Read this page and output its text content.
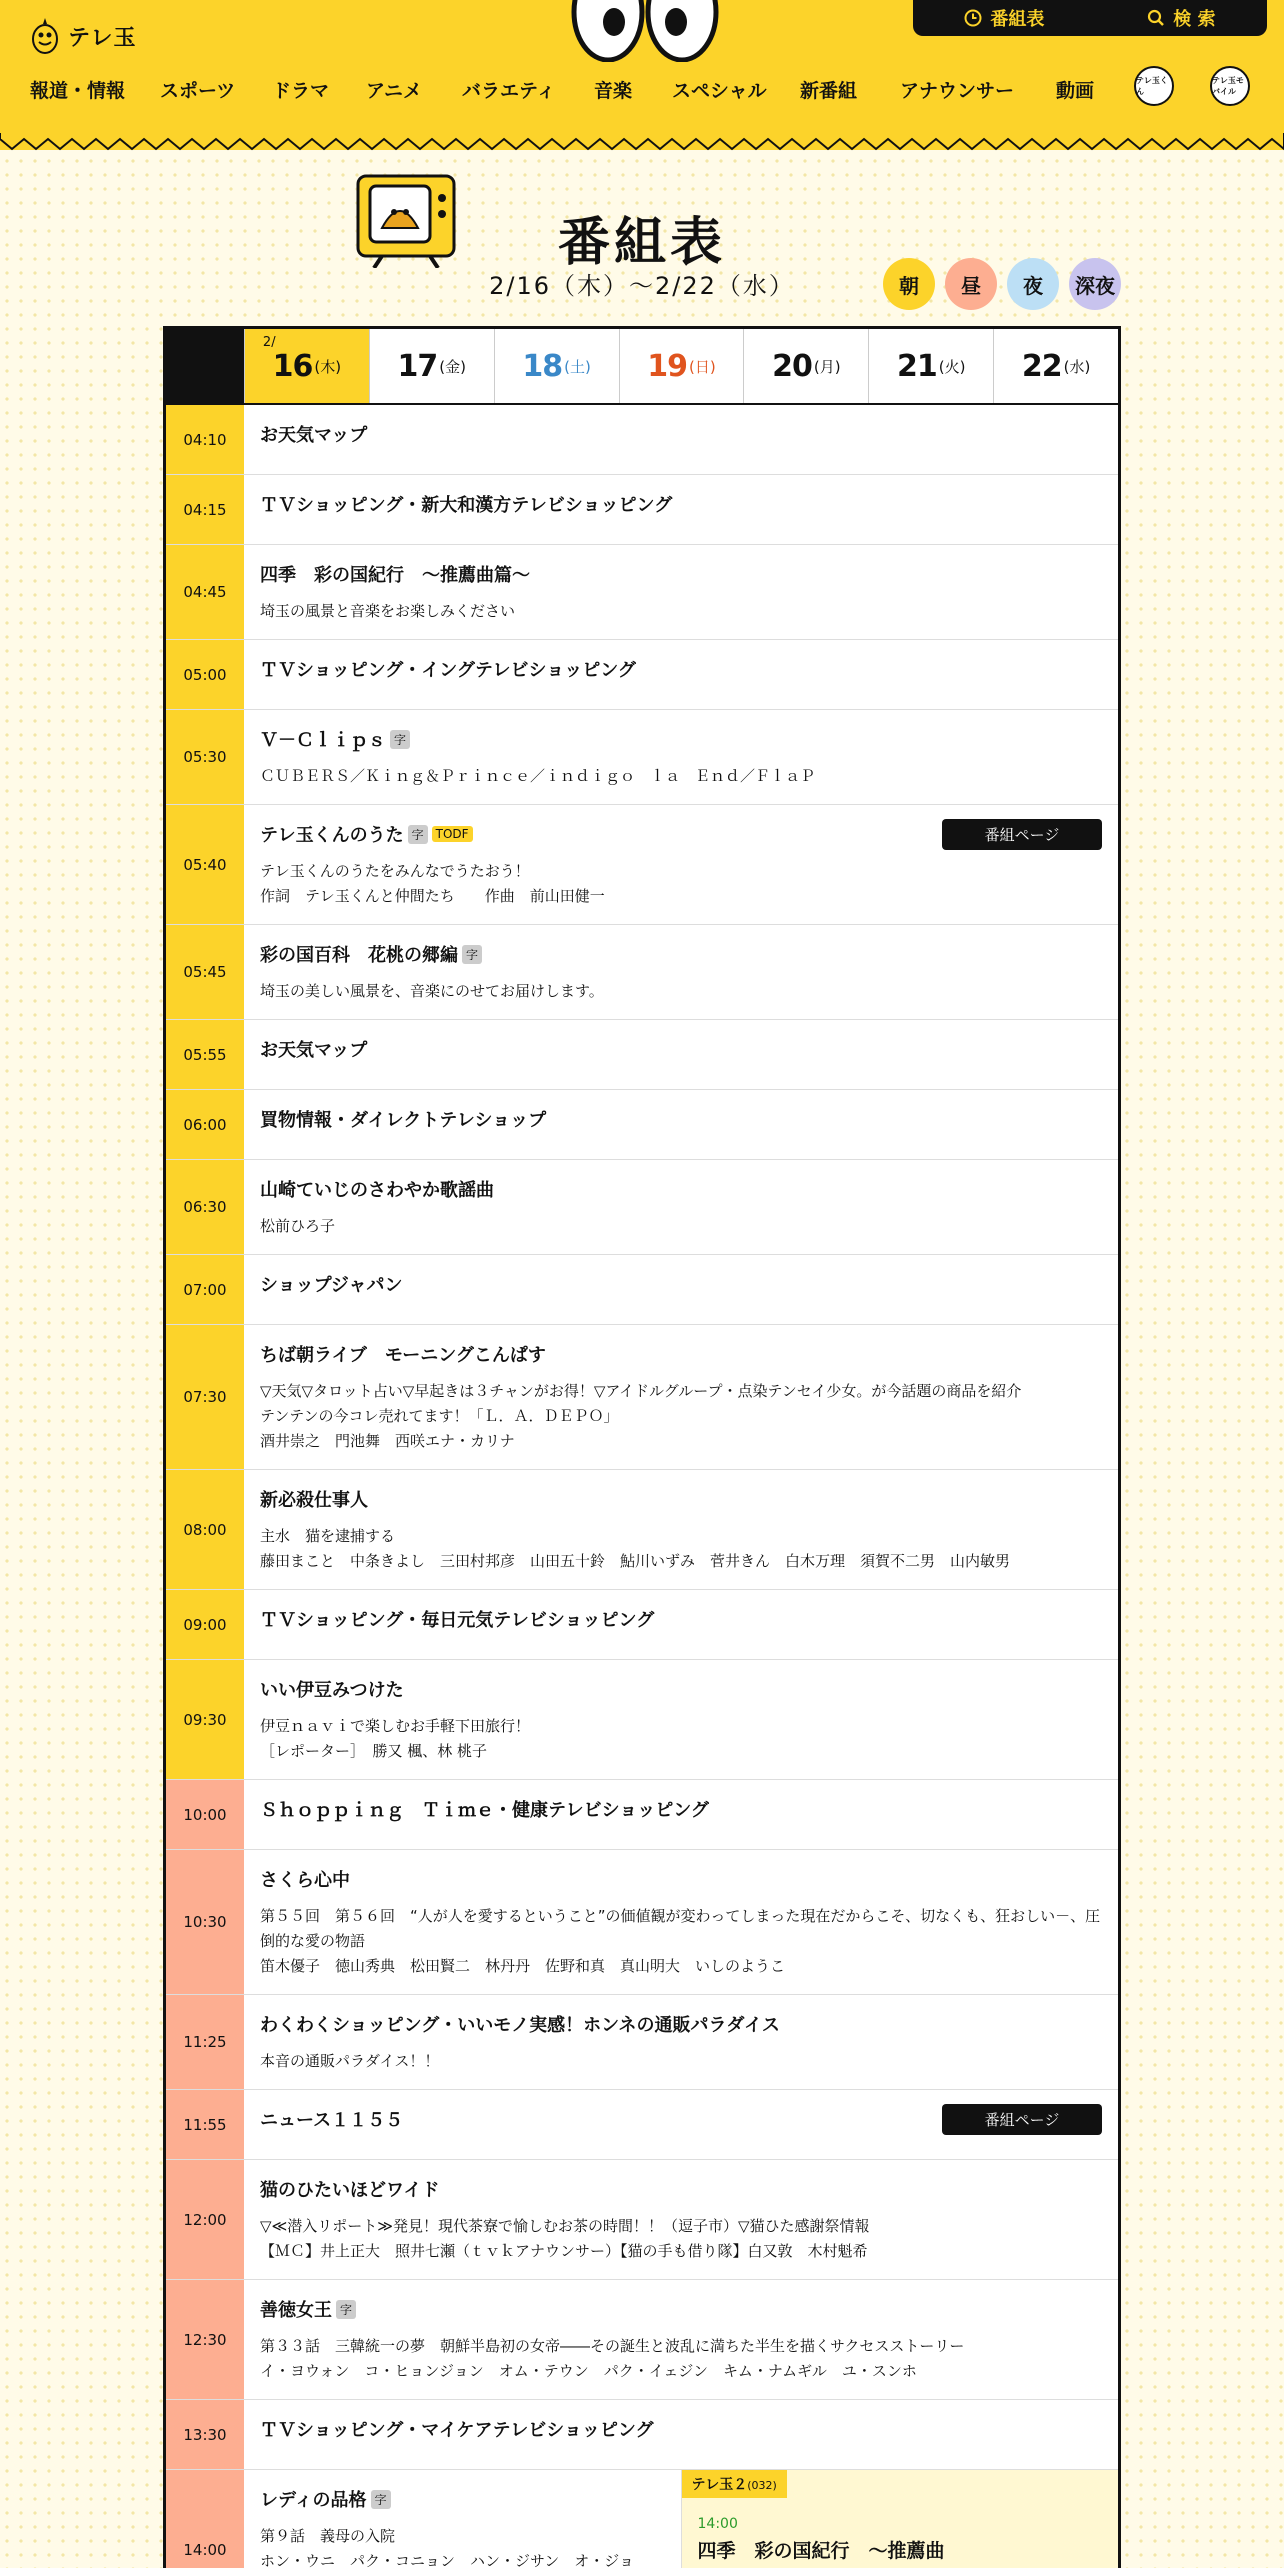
テレ玉
番組表	検 索
報道・情報 スポーツ ドラマ アニメ バラエティ 音楽 スペシャル 新番組 アナウンサー 動画	テレ玉くん
テレ玉モバイル
番組表
2/16（木）〜2/22（水）	朝 昼 夜 深夜
2/
16 (木) 17 (金) 18 (土) 19 (日) 20 (月) 21 (火) 22 (水)
04:10	お天気マップ
04:15	ＴＶショッピング・新大和漢方テレビショッピング
04:45
四季　彩の国紀行　～推薦曲篇～
埼玉の風景と音楽をお楽しみください
05:00	ＴＶショッピング・イングテレビショッピング
05:30
Ｖ－Ｃｌｉｐｓ 字
ＣＵＢＥＲＳ／Ｋｉｎｇ＆Ｐｒｉｎｃｅ／ｉｎｄｉｇｏ　ｌａ　Ｅｎｄ／ＦｌａＰ
05:40
テレ玉くんのうた 字	TODF
テレ玉くんのうたをみんなでうたおう！
作詞　テレ玉くんと仲間たち　　作曲　前山田健一
番組ページ
05:45
彩の国百科　花桃の郷編 字
埼玉の美しい風景を、音楽にのせてお届けします。
05:55	お天気マップ
06:00	買物情報・ダイレクトテレショップ
06:30
山崎ていじのさわやか歌謡曲
松前ひろ子
07:00	ショップジャパン
07:30
ちば朝ライブ　モーニングこんぱす
▽天気▽タロット占い▽早起きは３チャンがお得！▽アイドルグループ・点染テンセイ少女。が今話題の商品を紹介
テンテンの今コレ売れてます！「Ｌ．Ａ．ＤＥＰＯ」
酒井崇之　門池舞　西咲エナ・カリナ
08:00
新必殺仕事人
主水　猫を逮捕する
藤田まこと　中条きよし　三田村邦彦　山田五十鈴　鮎川いずみ　菅井きん　白木万理　須賀不二男　山内敏男
09:00	ＴＶショッピング・毎日元気テレビショッピング
09:30
いい伊豆みつけた
伊豆ｎａｖｉで楽しむお手軽下田旅行！
［レポーター］　勝又 楓、林 桃子
10:00	Ｓｈｏｐｐｉｎｇ　Ｔｉｍｅ・健康テレビショッピング
10:30
さくら心中
第５５回　第５６回　“人が人を愛するということ”の価値観が変わってしまった現在だからこそ、切なくも、狂おしい－、圧倒的な愛の物語
笛木優子　徳山秀典　松田賢二　林丹丹　佐野和真　真山明大　いしのようこ
11:25
わくわくショッピング・いいモノ実感！ホンネの通販パラダイス
本音の通販パラダイス！！
11:55	ニュース１１５５	番組ページ
12:00
猫のひたいほどワイド
▽≪潜入リポート≫発見！現代茶寮で愉しむお茶の時間！！（逗子市）▽猫ひた感謝祭情報
【ＭＣ】井上正大　照井七瀬（ｔｖｋアナウンサー）【猫の手も借り隊】白又敦　木村魁希
12:30
善徳女王 字
第３３話　三韓統一の夢　朝鮮半島初の女帝――その誕生と波乱に満ちた半生を描くサクセスストーリー
イ・ヨウォン　コ・ヒョンジョン　オム・テウン　パク・イェジン　キム・ナムギル　ユ・スンホ
13:30	ＴＶショッピング・マイケアテレビショッピング
14:00
レディの品格 字
第９話　義母の入院
ホン・ウニ　パク・コニョン　ハン・ジサン　オ・ジョ
テレ玉２(032)
14:00
四季　彩の国紀行　～推薦曲
